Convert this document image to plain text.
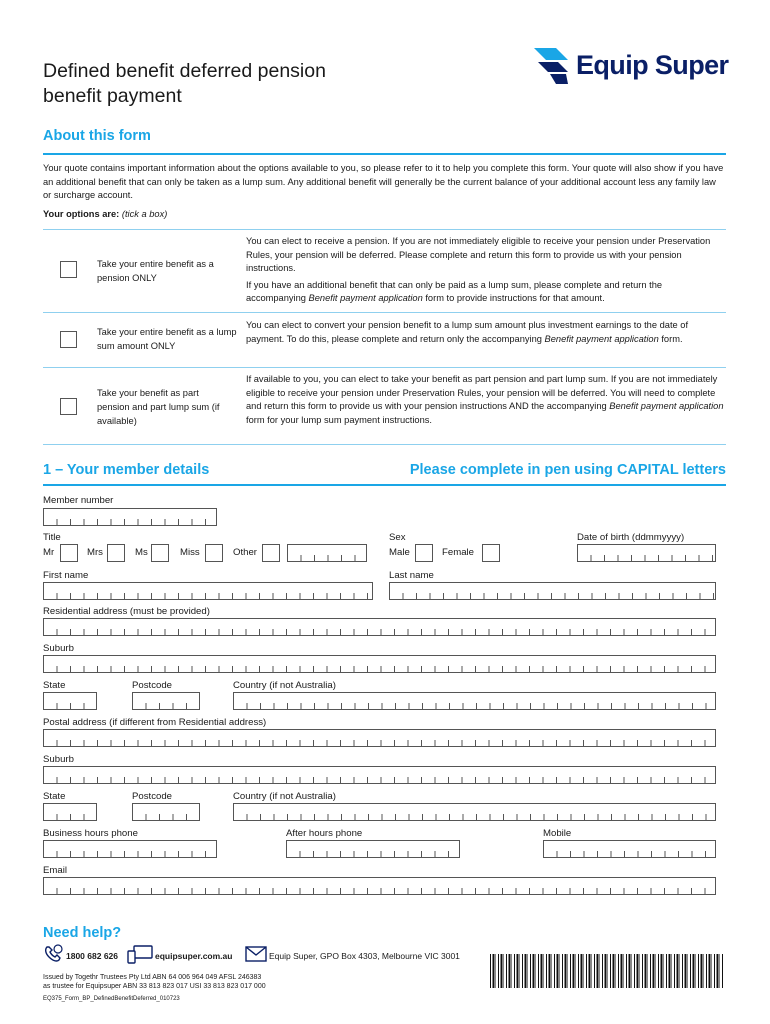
Defined benefit deferred pension
benefit payment
Equip Super
About this form
Your quote contains important information about the options available to you, so please refer to it to help you complete this form. Your quote will also show if you have an additional benefit that can only be taken as a lump sum. Any additional benefit will generally be the current balance of your additional account less any family law or surcharge account.
Your options are: (tick a box)
Take your entire benefit as a pension ONLY
You can elect to receive a pension. If you are not immediately eligible to receive your pension under Preservation Rules, your pension will be deferred. Please complete and return this form to provide us with your pension instructions.
If you have an additional benefit that can only be paid as a lump sum, please complete and return the accompanying Benefit payment application form to provide instructions for that amount.
Take your entire benefit as a lump sum amount ONLY
You can elect to convert your pension benefit to a lump sum amount plus investment earnings to the date of payment. To do this, please complete and return only the accompanying Benefit payment application form.
Take your benefit as part pension and part lump sum (if available)
If available to you, you can elect to take your benefit as part pension and part lump sum. If you are not immediately eligible to receive your pension under Preservation Rules, your pension will be deferred. You will need to complete and return this form to provide us with your pension instructions AND the accompanying Benefit payment application form for your lump sum payment instructions.
1 – Your member details	Please complete in pen using CAPITAL letters
Member number
Title
Mr	Mrs	Ms	Miss	Other
Sex
Male	Female
Date of birth (ddmmyyyy)
First name	Last name
Residential address (must be provided)
Suburb
State	Postcode	Country (if not Australia)
Postal address (if different from Residential address)
Suburb
State	Postcode	Country (if not Australia)
Business hours phone	After hours phone	Mobile
Email
Need help?
1800 682 626	equipsuper.com.au	Equip Super, GPO Box 4303, Melbourne VIC 3001
Issued by Togethr Trustees Pty Ltd ABN 64 006 964 049 AFSL 246383
as trustee for Equipsuper ABN 33 813 823 017 USI 33 813 823 017 000
EQ375_Form_BP_DefinedBenefitDeferred_010723
